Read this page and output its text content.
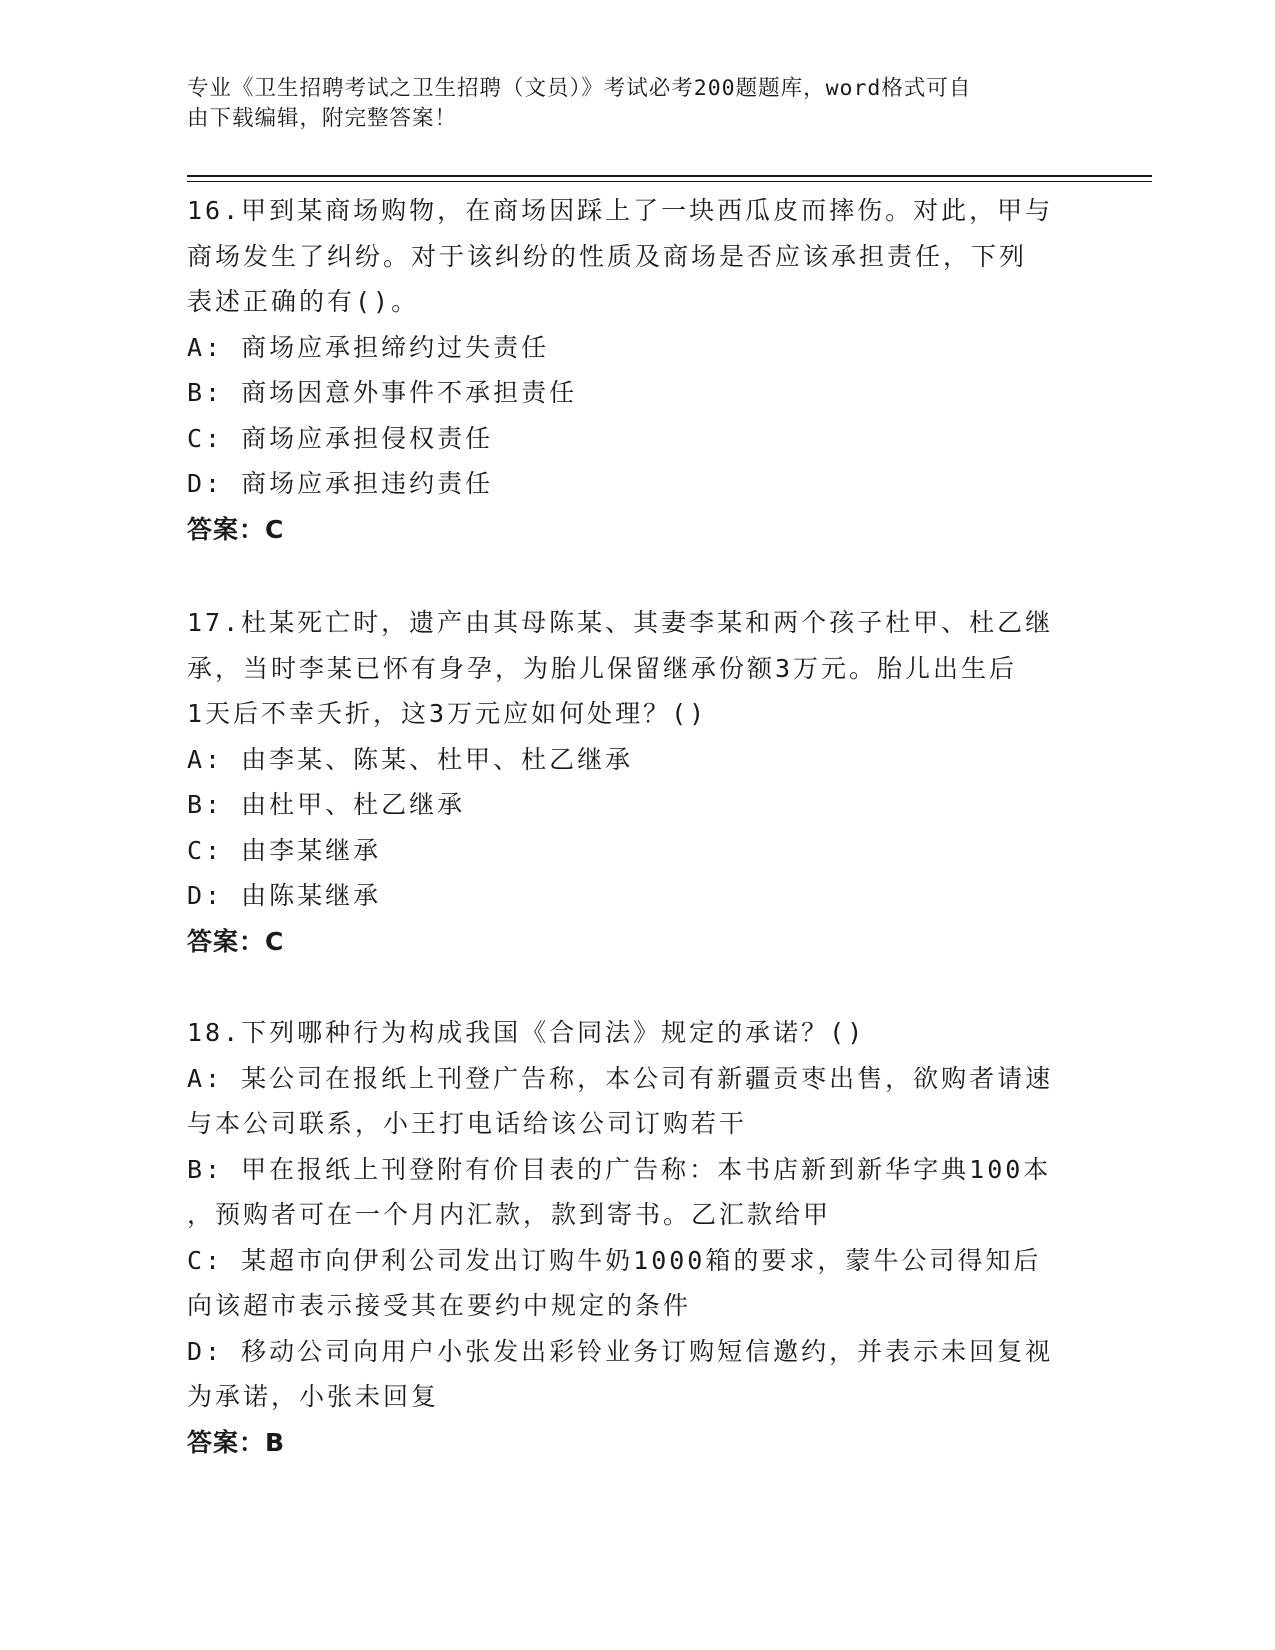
专业《卫生招聘考试之卫生招聘（文员）》考试必考200题题库，word格式可自
由下载编辑，附完整答案！
16.甲到某商场购物，在商场因踩上了一块西瓜皮而摔伤。对此，甲与
商场发生了纠纷。对于该纠纷的性质及商场是否应该承担责任，下列
表述正确的有()。
A: 商场应承担缔约过失责任
B: 商场因意外事件不承担责任
C: 商场应承担侵权责任
D: 商场应承担违约责任
答案：C
17.杜某死亡时，遗产由其母陈某、其妻李某和两个孩子杜甲、杜乙继
承，当时李某已怀有身孕，为胎儿保留继承份额3万元。胎儿出生后
1天后不幸夭折，这3万元应如何处理？()
A: 由李某、陈某、杜甲、杜乙继承
B: 由杜甲、杜乙继承
C: 由李某继承
D: 由陈某继承
答案：C
18.下列哪种行为构成我国《合同法》规定的承诺？()
A: 某公司在报纸上刊登广告称，本公司有新疆贡枣出售，欲购者请速
与本公司联系，小王打电话给该公司订购若干
B: 甲在报纸上刊登附有价目表的广告称：本书店新到新华字典100本
，预购者可在一个月内汇款，款到寄书。乙汇款给甲
C: 某超市向伊利公司发出订购牛奶1000箱的要求，蒙牛公司得知后
向该超市表示接受其在要约中规定的条件
D: 移动公司向用户小张发出彩铃业务订购短信邀约，并表示未回复视
为承诺，小张未回复
答案：B
